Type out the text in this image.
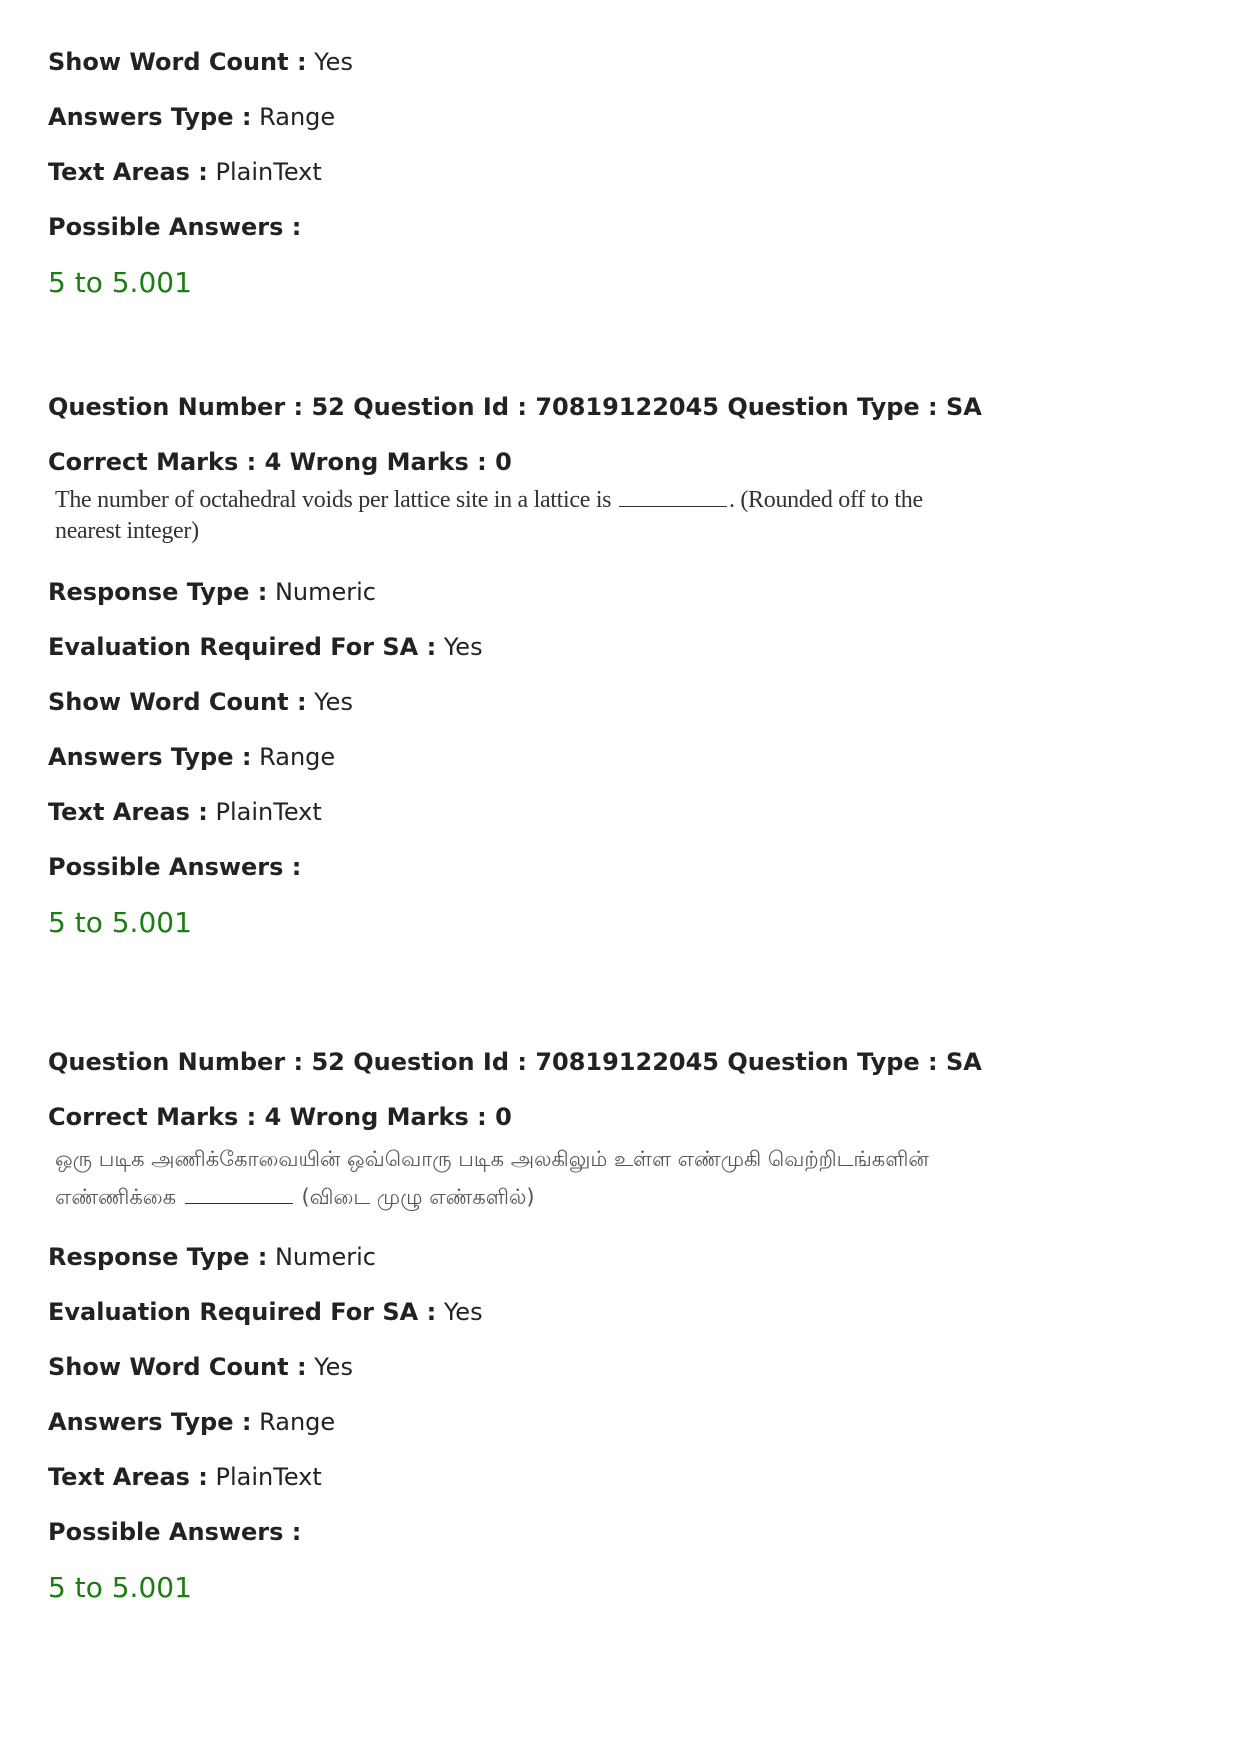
Show Word Count : Yes
Answers Type : Range
Text Areas : PlainText
Possible Answers :
5 to 5.001
Question Number : 52 Question Id : 70819122045 Question Type : SA
Correct Marks : 4 Wrong Marks : 0
The number of octahedral voids per lattice site in a lattice is	. (Rounded off to the nearest integer)
Response Type : Numeric
Evaluation Required For SA : Yes
Show Word Count : Yes
Answers Type : Range
Text Areas : PlainText
Possible Answers :
5 to 5.001
Question Number : 52 Question Id : 70819122045 Question Type : SA
Correct Marks : 4 Wrong Marks : 0
ஒரு படிக அணிக்கோவையின் ஒவ்வொரு படிக அலகிலும் உள்ள எண்முகி வெற்றிடங்களின் எண்ணிக்கை	(விடை முழு எண்களில்)
Response Type : Numeric
Evaluation Required For SA : Yes
Show Word Count : Yes
Answers Type : Range
Text Areas : PlainText
Possible Answers :
5 to 5.001
